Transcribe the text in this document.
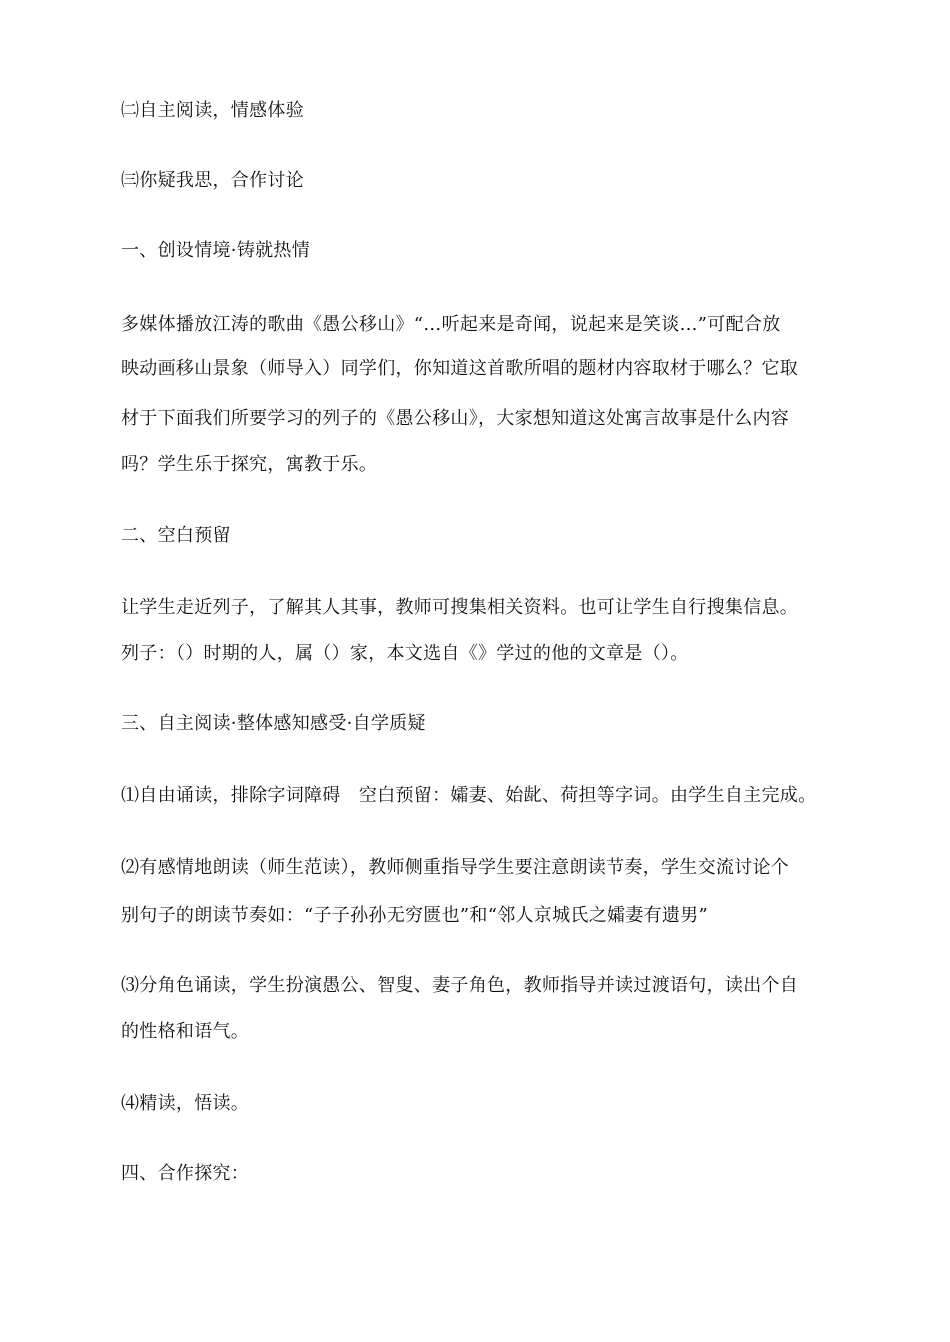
㈡自主阅读，情感体验
㈢你疑我思，合作讨论
一、创设情境·铸就热情
多媒体播放江涛的歌曲《愚公移山》“…听起来是奇闻，说起来是笑谈…”可配合放
映动画移山景象（师导入）同学们，你知道这首歌所唱的题材内容取材于哪么？它取
材于下面我们所要学习的列子的《愚公移山》，大家想知道这处寓言故事是什么内容
吗？学生乐于探究，寓教于乐。
二、空白预留
让学生走近列子，了解其人其事，教师可搜集相关资料。也可让学生自行搜集信息。
列子：（）时期的人，属（）家，本文选自《》学过的他的文章是（）。
三、自主阅读·整体感知感受·自学质疑
⑴自由诵读，排除字词障碍　空白预留：孀妻、始龀、荷担等字词。由学生自主完成。
⑵有感情地朗读（师生范读），教师侧重指导学生要注意朗读节奏，学生交流讨论个
别句子的朗读节奏如：“子子孙孙无穷匮也”和“邻人京城氏之孀妻有遗男”
⑶分角色诵读，学生扮演愚公、智叟、妻子角色，教师指导并读过渡语句，读出个自
的性格和语气。
⑷精读，悟读。
四、合作探究：
